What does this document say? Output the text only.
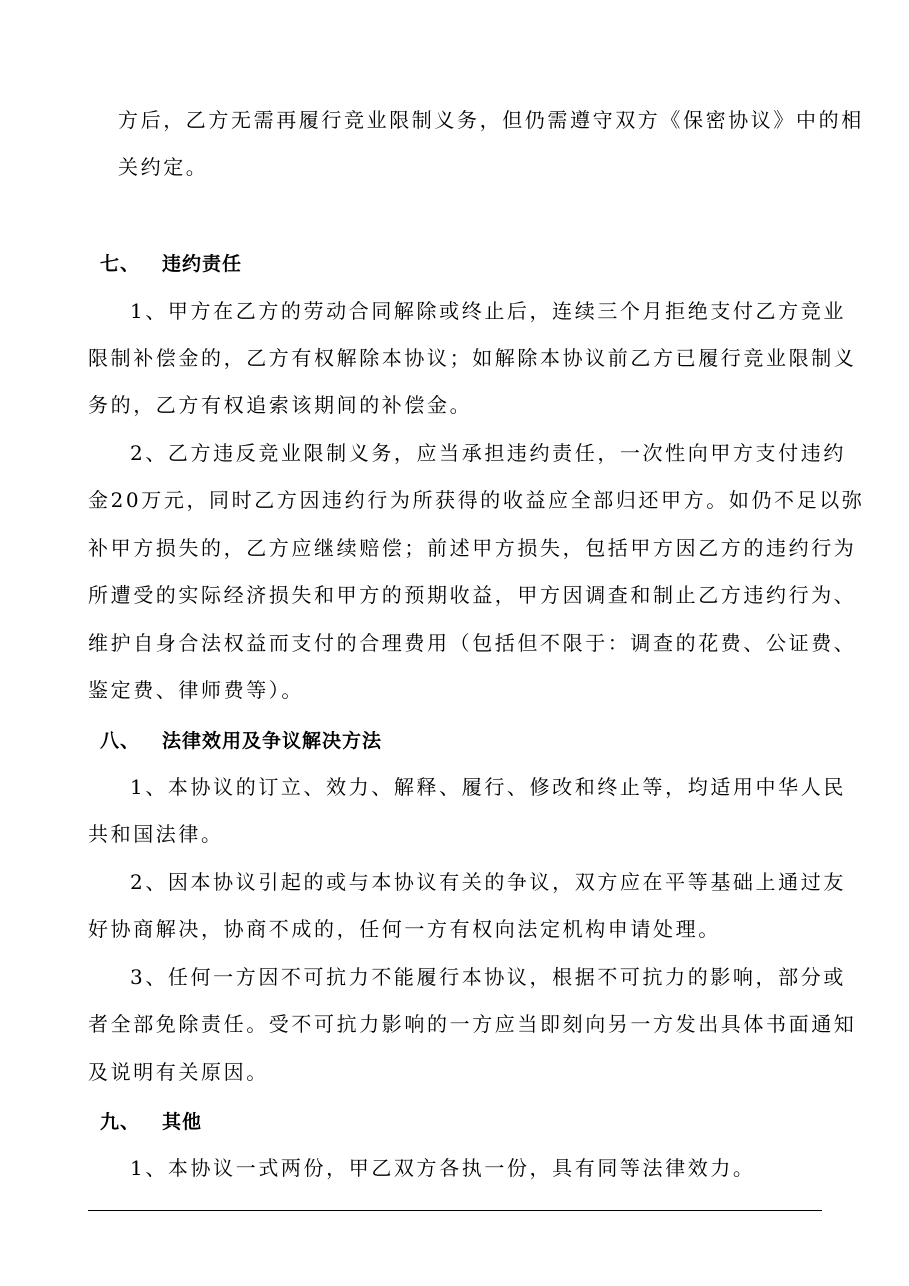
方后，乙方无需再履行竞业限制义务，但仍需遵守双方《保密协议》中的相
关约定。
七、 违约责任
1、甲方在乙方的劳动合同解除或终止后，连续三个月拒绝支付乙方竞业
限制补偿金的，乙方有权解除本协议；如解除本协议前乙方已履行竞业限制义
务的，乙方有权追索该期间的补偿金。
2、乙方违反竞业限制义务，应当承担违约责任，一次性向甲方支付违约
金20万元，同时乙方因违约行为所获得的收益应全部归还甲方。如仍不足以弥
补甲方损失的，乙方应继续赔偿；前述甲方损失，包括甲方因乙方的违约行为
所遭受的实际经济损失和甲方的预期收益，甲方因调查和制止乙方违约行为、
维护自身合法权益而支付的合理费用（包括但不限于：调查的花费、公证费、
鉴定费、律师费等）。
八、 法律效用及争议解决方法
1、本协议的订立、效力、解释、履行、修改和终止等，均适用中华人民
共和国法律。
2、因本协议引起的或与本协议有关的争议，双方应在平等基础上通过友
好协商解决，协商不成的，任何一方有权向法定机构申请处理。
3、任何一方因不可抗力不能履行本协议，根据不可抗力的影响，部分或
者全部免除责任。受不可抗力影响的一方应当即刻向另一方发出具体书面通知
及说明有关原因。
九、 其他
1、本协议一式两份，甲乙双方各执一份，具有同等法律效力。
